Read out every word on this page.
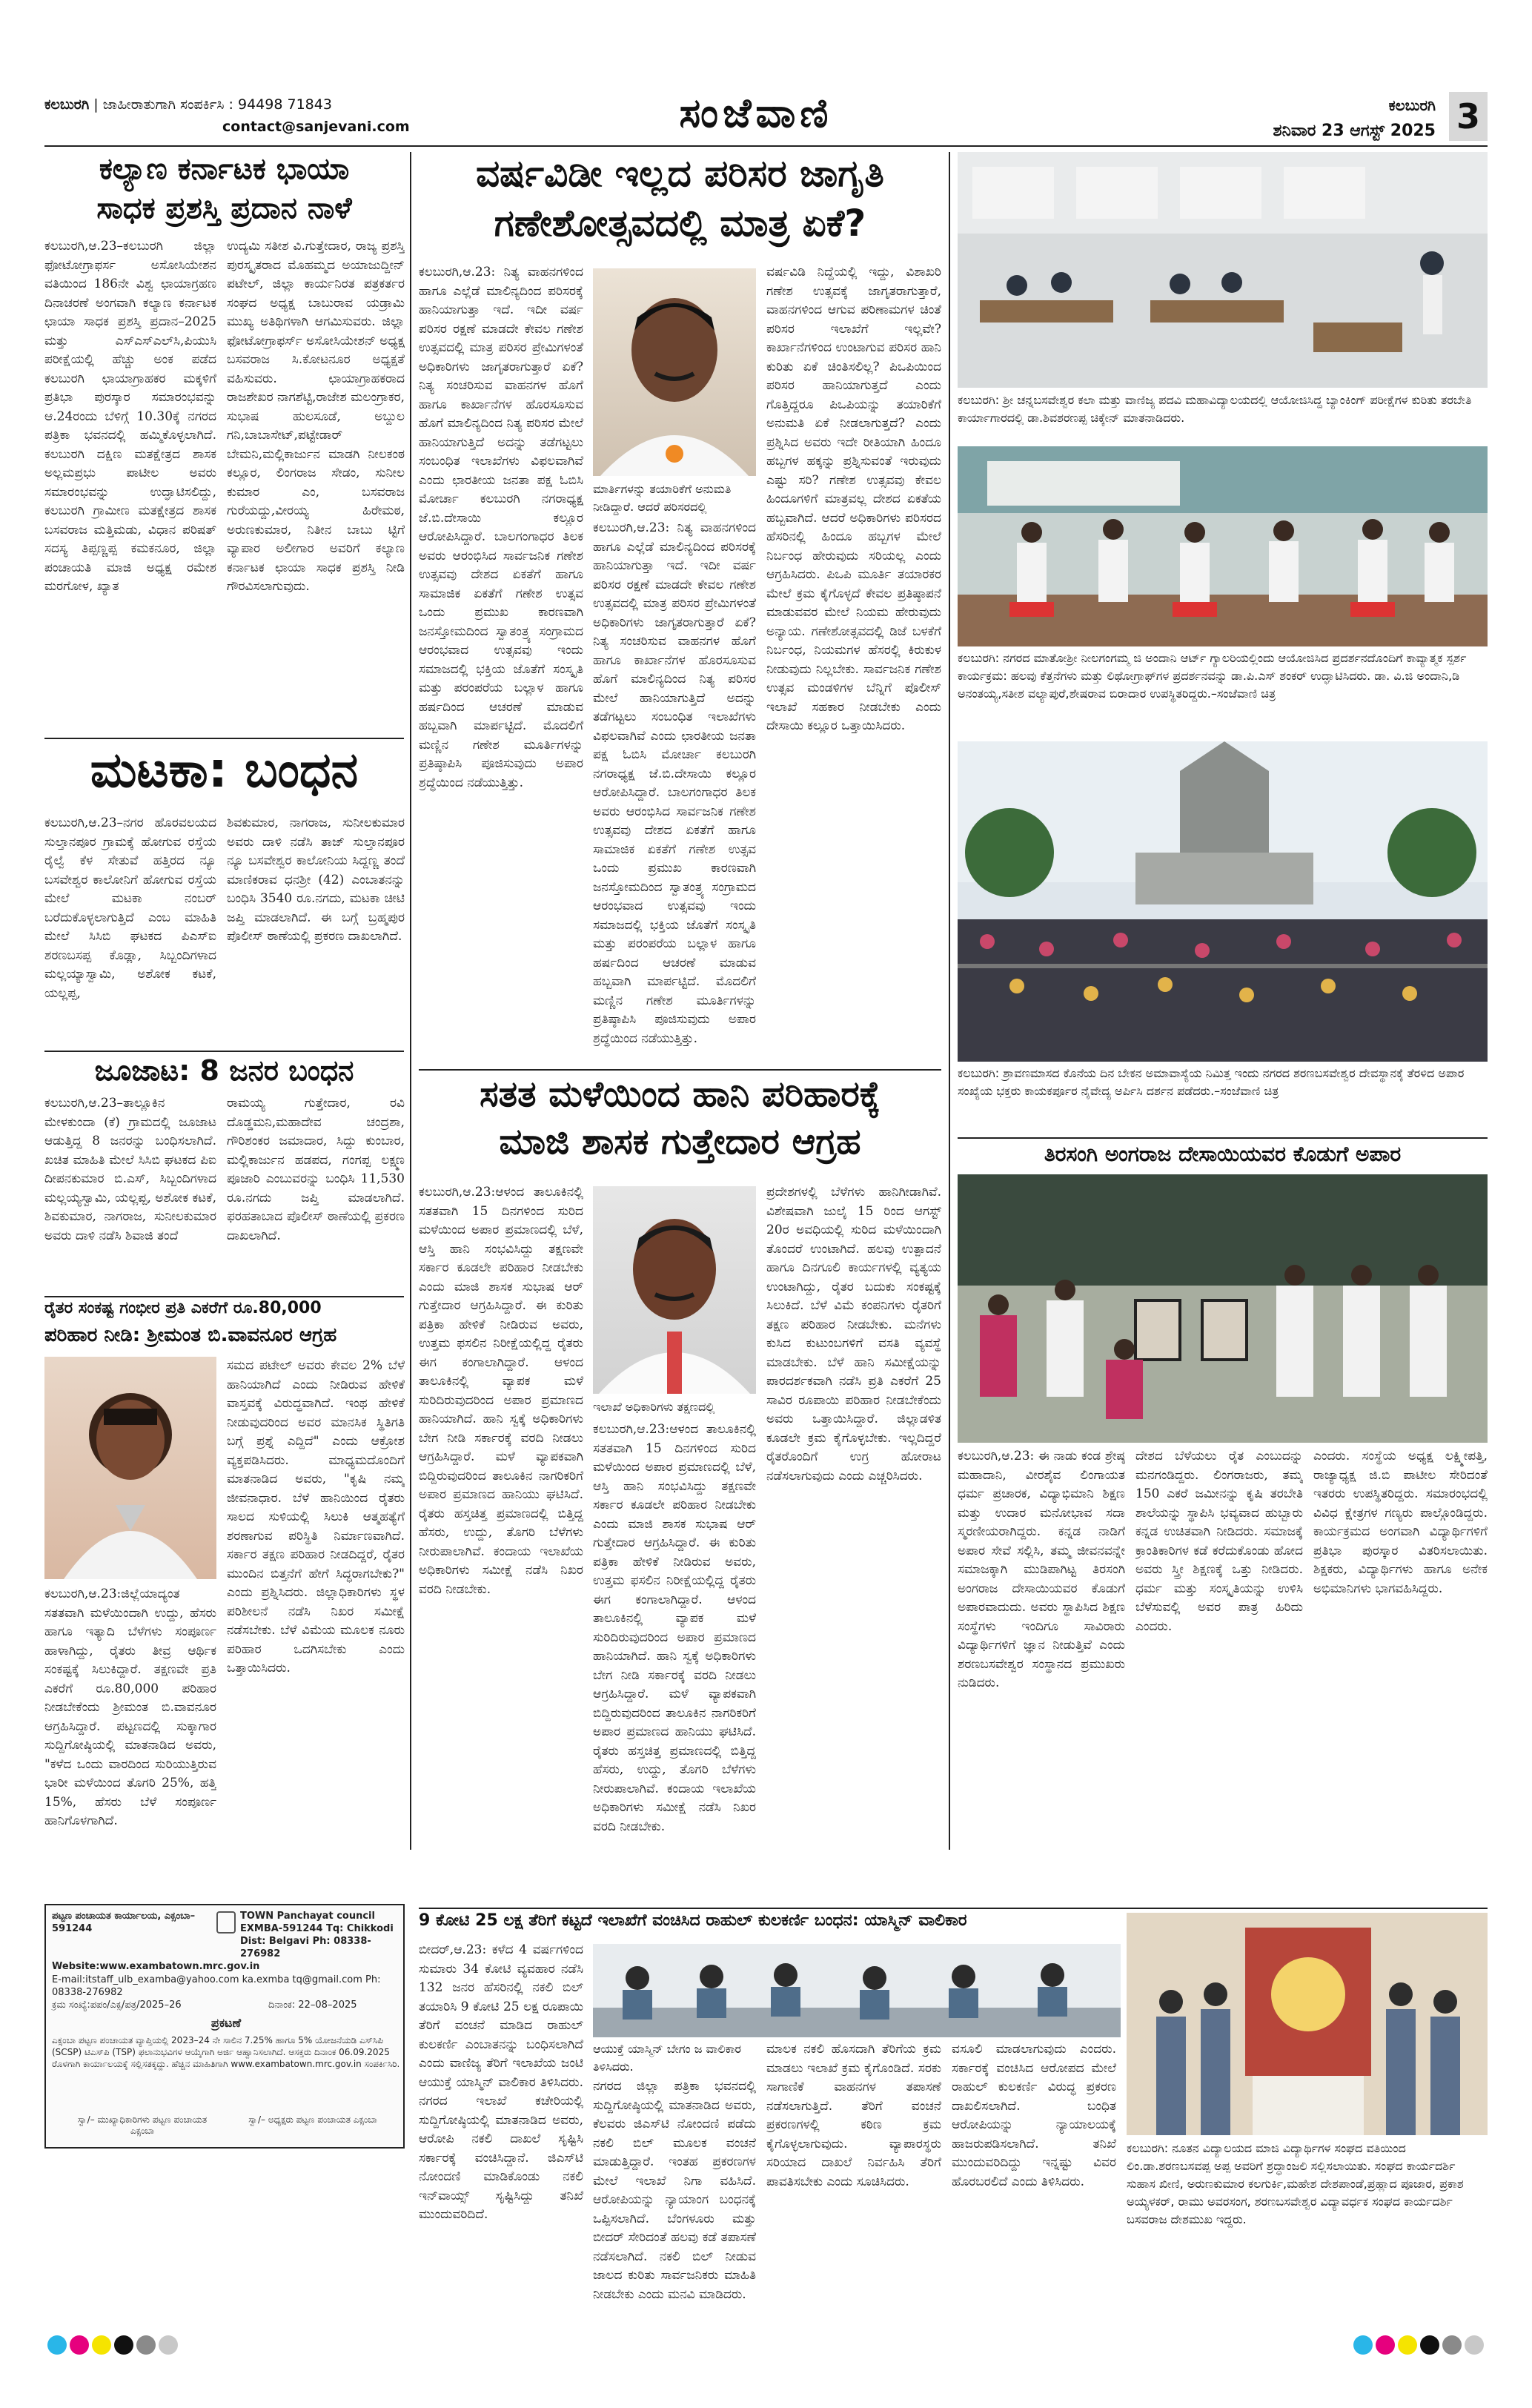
ಕಲಬುರಗಿ | ಜಾಹೀರಾತುಗಾಗಿ ಸಂಪರ್ಕಿಸಿ : 94498 71843
contact@sanjevani.com	ಸಂಜೆವಾಣಿ	ಕಲಬುರಗಿ
ಶನಿವಾರ 23 ಆಗಸ್ಟ್ 2025 3
ಕಲ್ಯಾಣ ಕರ್ನಾಟಕ ಭಾಯಾ
ಸಾಧಕ ಪ್ರಶಸ್ತಿ ಪ್ರದಾನ ನಾಳೆ
ಕಲಬುರಗಿ,ಆ.23–ಕಲಬುರಗಿ ಜಿಲ್ಲಾ ಫೋಟೋಗ್ರಾಫರ್ಸ ಅಸೋಸಿಯೇಶನ ವತಿಯಿಂದ 186ನೇ ವಿಶ್ವ ಛಾಯಾಗ್ರಹಣ ದಿನಾಚರಣೆ ಅಂಗವಾಗಿ ಕಲ್ಯಾಣ ಕರ್ನಾಟಕ ಛಾಯಾ ಸಾಧಕ ಪ್ರಶಸ್ತಿ ಪ್ರದಾನ–2025 ಮತ್ತು ಎಸ್‌ಎಸ್‌ಎಲ್‌ಸಿ,ಪಿಯುಸಿ ಪರೀಕ್ಷೆಯಲ್ಲಿ ಹೆಚ್ಚು ಅಂಕ ಪಡೆದ ಕಲಬುರಗಿ ಛಾಯಾಗ್ರಾಹಕರ ಮಕ್ಕಳಿಗೆ ಪ್ರತಿಭಾ ಪುರಸ್ಕಾರ ಸಮಾರಂಭವನ್ನು ಆ.24ರಂದು ಬೆಳಿಗ್ಗೆ 10.30ಕ್ಕೆ ನಗರದ ಪತ್ರಿಕಾ ಭವನದಲ್ಲಿ ಹಮ್ಮಿಕೊಳ್ಳಲಾಗಿದೆ. ಕಲಬುರಗಿ ದಕ್ಷಿಣ ಮತಕ್ಷೇತ್ರದ ಶಾಸಕ ಅಲ್ಲಮಪ್ರಭು ಪಾಟೀಲ ಅವರು ಸಮಾರಂಭವನ್ನು ಉದ್ಘಾಟಿಸಲಿದ್ದು, ಕಲಬುರಗಿ ಗ್ರಾಮೀಣ ಮತಕ್ಷೇತ್ರದ ಶಾಸಕ ಬಸವರಾಜ ಮತ್ತಿಮಡು, ವಿಧಾನ ಪರಿಷತ್ ಸದಸ್ಯ ತಿಪ್ಪಣ್ಣಪ್ಪ ಕಮಕನೂರ, ಜಿಲ್ಲಾ ಪಂಚಾಯತಿ ಮಾಜಿ ಅಧ್ಯಕ್ಷ ರಮೇಶ ಮರಗೋಳ, ಖ್ಯಾತ
ಉದ್ಯಮಿ ಸತೀಶ ವಿ.ಗುತ್ತೇದಾರ, ರಾಜ್ಯ ಪ್ರಶಸ್ತಿ ಪುರಸ್ಕೃತರಾದ ಮೊಹಮ್ಮದ ಅಯಾಜುದ್ದೀನ್ ಪಟೇಲ್, ಜಿಲ್ಲಾ ಕಾರ್ಯನಿರತ ಪತ್ರಕರ್ತರ ಸಂಘದ ಅಧ್ಯಕ್ಷ ಬಾಬುರಾವ ಯಡ್ರಾಮಿ ಮುಖ್ಯ ಅತಿಥಿಗಳಾಗಿ ಆಗಮಿಸುವರು. ಜಿಲ್ಲಾ ಫೋಟೋಗ್ರಾಫರ್ಸ್ ಅಸೋಸಿಯೇಶನ್ ಅಧ್ಯಕ್ಷ ಬಸವರಾಜ ಸಿ.ಕೋಟನೂರ ಅಧ್ಯಕ್ಷತೆ ವಹಿಸುವರು. ಛಾಯಾಗ್ರಾಹಕರಾದ ರಾಜಶೇಖರ ನಾಗಶೆಟ್ಟಿ,ರಾಜೇಶ ಮಲಂಗ್ರಾಕರ, ಸುಭಾಷ ಹುಲಸೂಡೆ, ಅಬ್ದುಲ ಗನಿ,ಬಾಬಾಸೇಟ್,ಪಟ್ಟೇಡಾರ್ ಬೇಮನಿ,ಮಲ್ಲಿಕಾರ್ಜುನ ಮಾಡಗಿ ನೀಲಕಂಠ ಕಲ್ಲೂರ, ಲಿಂಗರಾಜ ಸೇಡಂ, ಸುನೀಲ ಕುಮಾರ ಎಂ, ಬಸವರಾಜ ಗುರೆಯದ್ದು,ವೀರಯ್ಯ ಹಿರೇಮಠ, ಅರುಣಕುಮಾರ, ನಿತೀನ ಬಾಬು ಟ್ಟಿಗೆ ವ್ಯಾಪಾರ ಅಲೀಗಾರ ಅವರಿಗೆ ಕಲ್ಯಾಣ ಕರ್ನಾಟಕ ಛಾಯಾ ಸಾಧಕ ಪ್ರಶಸ್ತಿ ನೀಡಿ ಗೌರವಿಸಲಾಗುವುದು.
ಮಟಕಾ: ಬಂಧನ
ಕಲಬುರಗಿ,ಆ.23–ನಗರ ಹೊರವಲಯದ ಸುಲ್ತಾನಪೂರ ಗ್ರಾಮಕ್ಕೆ ಹೋಗುವ ರಸ್ತೆಯ ರೈಲ್ವೆ ಕೆಳ ಸೇತುವೆ ಹತ್ತಿರದ ನ್ಯೂ ಬಸವೇಶ್ವರ ಕಾಲೋನಿಗೆ ಹೋಗುವ ರಸ್ತೆಯ ಮೇಲೆ ಮಟಕಾ ನಂಬರ್ ಬರೆದುಕೊಳ್ಳಲಾಗುತ್ತಿದೆ ಎಂಬ ಮಾಹಿತಿ ಮೇಲೆ ಸಿಸಿಬಿ ಘಟಕದ ಪಿಎಸ್‌ಐ ಶರಣಬಸಪ್ಪ ಕೊಡ್ಲಾ, ಸಿಬ್ಬಂದಿಗಳಾದ ಮಲ್ಲಯ್ಯಾಸ್ವಾಮಿ, ಅಶೋಕ ಕಟಕೆ, ಯಲ್ಲಪ್ಪ,
ಶಿವಕುಮಾರ, ನಾಗರಾಜ, ಸುನೀಲಕುಮಾರ ಅವರು ದಾಳಿ ನಡೆಸಿ ತಾಜ್ ಸುಲ್ತಾನಪೂರ ನ್ಯೂ ಬಸವೇಶ್ವರ ಕಾಲೋನಿಯ ಸಿದ್ದಣ್ಣ ತಂದೆ ಮಾಣಿಕರಾವ ಧನಶ್ರೀ (42) ಎಂಬಾತನನ್ನು ಬಂಧಿಸಿ 3540 ರೂ.ನಗದು, ಮಟಕಾ ಚೀಟಿ ಜಪ್ತಿ ಮಾಡಲಾಗಿದೆ. ಈ ಬಗ್ಗೆ ಬ್ರಹ್ಮಪುರ ಪೊಲೀಸ್ ಠಾಣೆಯಲ್ಲಿ ಪ್ರಕರಣ ದಾಖಲಾಗಿದೆ.
ಜೂಜಾಟ: 8 ಜನರ ಬಂಧನ
ಕಲಬುರಗಿ,ಆ.23–ತಾಲ್ಲೂಕಿನ ಮೇಳಕುಂದಾ (ಕೆ) ಗ್ರಾಮದಲ್ಲಿ ಜೂಜಾಟ ಆಡುತ್ತಿದ್ದ 8 ಜನರನ್ನು ಬಂಧಿಸಲಾಗಿದೆ. ಖಚಿತ ಮಾಹಿತಿ ಮೇಲೆ ಸಿಸಿಬಿ ಘಟಕದ ಪಿಐ ದೀಪನಕುಮಾರ ಬಿ.ಎಸ್, ಸಿಬ್ಬಂದಿಗಳಾದ ಮಲ್ಲಯ್ಯಸ್ವಾಮಿ, ಯಲ್ಲಪ್ಪ, ಅಶೋಕ ಕಟಕೆ, ಶಿವಕುಮಾರ, ನಾಗರಾಜ, ಸುನೀಲಕುಮಾರ ಅವರು ದಾಳಿ ನಡೆಸಿ ಶಿವಾಜಿ ತಂದೆ
ರಾಮಯ್ಯ ಗುತ್ತೇದಾರ, ರವಿ ದೊಡ್ಡಮನಿ,ಮಹಾದೇವ ಚಂದ್ರಶಾ, ಗೌರಿಶಂಕರ ಜಮಾದಾರ, ಸಿದ್ದು ಕುಂಬಾರ, ಮಲ್ಲಿಕಾರ್ಜುನ ಹಡಪದ, ಗಂಗಪ್ಪ ಲಕ್ಷ್ಮಣ ಪೂಜಾರಿ ಎಂಬುವರನ್ನು ಬಂಧಿಸಿ 11,530 ರೂ.ನಗದು ಜಪ್ತಿ ಮಾಡಲಾಗಿದೆ. ಫರಹತಾಬಾದ ಪೊಲೀಸ್ ಠಾಣೆಯಲ್ಲಿ ಪ್ರಕರಣ ದಾಖಲಾಗಿದೆ.
ರೈತರ ಸಂಕಷ್ಟ ಗಂಭೀರ ಪ್ರತಿ ಎಕರೆಗೆ ರೂ.80,000
ಪರಿಹಾರ ನೀಡಿ: ಶ್ರೀಮಂತ ಬಿ.ವಾವನೂರ ಆಗ್ರಹ
ಕಲಬುರಗಿ,ಆ.23:ಜಿಲ್ಲೆಯಾದ್ಯಂತ ಸತತವಾಗಿ ಮಳೆಯಿಂದಾಗಿ ಉದ್ದು, ಹೆಸರು ಹಾಗೂ ಇತ್ಯಾದಿ ಬೆಳೆಗಳು ಸಂಪೂರ್ಣ ಹಾಳಾಗಿದ್ದು, ರೈತರು ತೀವ್ರ ಆರ್ಥಿಕ ಸಂಕಷ್ಟಕ್ಕೆ ಸಿಲುಕಿದ್ದಾರೆ. ತಕ್ಷಣವೇ ಪ್ರತಿ ಎಕರೆಗೆ ರೂ.80,000 ಪರಿಹಾರ ನೀಡಬೇಕೆಂದು ಶ್ರೀಮಂತ ಬಿ.ವಾವನೂರ ಆಗ್ರಹಿಸಿದ್ದಾರೆ. ಪಟ್ಟಣದಲ್ಲಿ ಸುಕ್ಕಾಗಾರ ಸುದ್ದಿಗೋಷ್ಠಿಯಲ್ಲಿ ಮಾತನಾಡಿದ ಅವರು, "ಕಳೆದ ಒಂದು ವಾರದಿಂದ ಸುರಿಯುತ್ತಿರುವ ಭಾರೀ ಮಳೆಯಿಂದ ತೊಗರಿ 25%, ಹತ್ತಿ 15%, ಹೆಸರು ಬೆಳೆ ಸಂಪೂರ್ಣ ಹಾನಿಗೊಳಗಾಗಿದೆ.
ಸಮದ ಪಟೇಲ್ ಅವರು ಕೇವಲ 2% ಬೆಳೆ ಹಾನಿಯಾಗಿದೆ ಎಂದು ನೀಡಿರುವ ಹೇಳಿಕೆ ವಾಸ್ತವಕ್ಕೆ ವಿರುದ್ಧವಾಗಿದೆ. ಇಂಥ ಹೇಳಿಕೆ ನೀಡುವುದರಿಂದ ಅವರ ಮಾನಸಿಕ ಸ್ಥಿತಿಗತಿ ಬಗ್ಗೆ ಪ್ರಶ್ನೆ ಎದ್ದಿದೆ" ಎಂದು ಆಕ್ರೋಶ ವ್ಯಕ್ತಪಡಿಸಿದರು. ಮಾಧ್ಯಮದೊಂದಿಗೆ ಮಾತನಾಡಿದ ಅವರು, "ಕೃಷಿ ನಮ್ಮ ಜೀವನಾಧಾರ. ಬೆಳೆ ಹಾನಿಯಿಂದ ರೈತರು ಸಾಲದ ಸುಳಿಯಲ್ಲಿ ಸಿಲುಕಿ ಆತ್ಮಹತ್ಯೆಗೆ ಶರಣಾಗುವ ಪರಿಸ್ಥಿತಿ ನಿರ್ಮಾಣವಾಗಿದೆ. ಸರ್ಕಾರ ತಕ್ಷಣ ಪರಿಹಾರ ನೀಡದಿದ್ದರೆ, ರೈತರ ಮುಂದಿನ ಬಿತ್ತನೆಗೆ ಹೇಗೆ ಸಿದ್ಧರಾಗಬೇಕು?" ಎಂದು ಪ್ರಶ್ನಿಸಿದರು. ಜಿಲ್ಲಾಧಿಕಾರಿಗಳು ಸ್ಥಳ ಪರಿಶೀಲನೆ ನಡೆಸಿ ನಿಖರ ಸಮೀಕ್ಷೆ ನಡೆಸಬೇಕು. ಬೆಳೆ ವಿಮೆಯ ಮೂಲಕ ನೂರು ಪರಿಹಾರ ಒದಗಿಸಬೇಕು ಎಂದು ಒತ್ತಾಯಿಸಿದರು.
ಪಟ್ಟಣ ಪಂಚಾಯತ ಕಾರ್ಯಾಲಯ, ಎಕ್ಸಂಬಾ–591244
TOWN Panchayat council EXMBA-591244 Tq: Chikkodi Dist: Belgavi Ph: 08338-276982
Website:www.exambatown.mrc.gov.in
E-mail:itstaff_ulb_examba@yahoo.com ka.exmba tq@gmail.com Ph: 08338-276982
ಕ್ರಮ ಸಂಖ್ಯೆ:ಪಪಂ/ಎಕ್ಸ/ಪತ್ರ/2025–26	ದಿನಾಂಕ: 22–08–2025
ಪ್ರಕಟಣೆ
ಎಕ್ಸಂಬಾ ಪಟ್ಟಣ ಪಂಚಾಯತ ವ್ಯಾಪ್ತಿಯಲ್ಲಿ 2023–24 ನೇ ಸಾಲಿನ 7.25% ಹಾಗೂ 5% ಯೋಜನೆಯಡಿ ಎಸ್‌ಸಿಪಿ (SCSP) ಟಿಎಸ್‌ಪಿ (TSP) ಫಲಾನುಭವಿಗಳ ಆಯ್ಕೆಗಾಗಿ ಅರ್ಜಿ ಆಹ್ವಾನಿಸಲಾಗಿದೆ. ಆಸಕ್ತರು ದಿನಾಂಕ 06.09.2025 ರೊಳಗಾಗಿ ಕಾರ್ಯಾಲಯಕ್ಕೆ ಸಲ್ಲಿಸತಕ್ಕದ್ದು. ಹೆಚ್ಚಿನ ಮಾಹಿತಿಗಾಗಿ www.exambatown.mrc.gov.in ಸಂಪರ್ಕಿಸಿರಿ.
ಸ್ವಾ/– ಮುಖ್ಯಾಧಿಕಾರಿಗಳು ಪಟ್ಟಣ ಪಂಚಾಯತ ಎಕ್ಸಂಬಾ
ಸ್ವಾ/– ಅಧ್ಯಕ್ಷರು ಪಟ್ಟಣ ಪಂಚಾಯತ ಎಕ್ಸಂಬಾ
ವರ್ಷವಿಡೀ ಇಲ್ಲದ ಪರಿಸರ ಜಾಗೃತಿ
ಗಣೇಶೋತ್ಸವದಲ್ಲಿ ಮಾತ್ರ ಏಕೆ?
ಕಲಬುರಗಿ,ಆ.23: ನಿತ್ಯ ವಾಹನಗಳಿಂದ ಹಾಗೂ ಎಲ್ಲೆಡೆ ಮಾಲಿನ್ಯದಿಂದ ಪರಿಸರಕ್ಕೆ ಹಾನಿಯಾಗುತ್ತಾ ಇದೆ. ಇದೀ ವರ್ಷ ಪರಿಸರ ರಕ್ಷಣೆ ಮಾಡದೇ ಕೇವಲ ಗಣೇಶ ಉತ್ಸವದಲ್ಲಿ ಮಾತ್ರ ಪರಿಸರ ಪ್ರೇಮಿಗಳಂತೆ ಅಧಿಕಾರಿಗಳು ಜಾಗೃತರಾಗುತ್ತಾರೆ ಏಕೆ? ನಿತ್ಯ ಸಂಚರಿಸುವ ವಾಹನಗಳ ಹೊಗೆ ಹಾಗೂ ಕಾರ್ಖಾನೆಗಳ ಹೊರಸೂಸುವ ಹೊಗೆ ಮಾಲಿನ್ಯದಿಂದ ನಿತ್ಯ ಪರಿಸರ ಮೇಲೆ ಹಾನಿಯಾಗುತ್ತಿದೆ ಅದನ್ನು ತಡೆಗಟ್ಟಲು ಸಂಬಂಧಿತ ಇಲಾಖೆಗಳು ವಿಫಲವಾಗಿವೆ ಎಂದು ಛಾರತೀಯ ಜನತಾ ಪಕ್ಷ ಓಬಿಸಿ ಮೋರ್ಚಾ ಕಲಬುರಗಿ ನಗರಾಧ್ಯಕ್ಷ ಜೆ.ಬಿ.ದೇಸಾಯಿ ಕಲ್ಲೂರ ಆರೋಪಿಸಿದ್ದಾರೆ. ಬಾಲಗಂಗಾಧರ ತಿಲಕ ಅವರು ಆರಂಭಿಸಿದ ಸಾರ್ವಜನಿಕ ಗಣೇಶ ಉತ್ಸವವು ದೇಶದ ಏಕತೆಗೆ ಹಾಗೂ ಸಾಮಾಜಿಕ ಏಕತೆಗೆ ಗಣೇಶ ಉತ್ಸವ ಒಂದು ಪ್ರಮುಖ ಕಾರಣವಾಗಿ ಜನಸ್ತೋಮದಿಂದ ಸ್ವಾತಂತ್ರ್ಯ ಸಂಗ್ರಾಮದ ಆರಂಭವಾದ ಉತ್ಸವವು ಇಂದು ಸಮಾಜದಲ್ಲಿ ಭಕ್ತಿಯ ಜೊತೆಗೆ ಸಂಸ್ಕೃತಿ ಮತ್ತು ಪರಂಪರೆಯ ಬಲ್ಲಾಳ ಹಾಗೂ ಹರ್ಷದಿಂದ ಆಚರಣೆ ಮಾಡುವ ಹಬ್ಬವಾಗಿ ಮಾರ್ಪಟ್ಟಿದೆ. ಮೊದಲಿಗೆ ಮಣ್ಣಿನ ಗಣೇಶ ಮೂರ್ತಿಗಳನ್ನು ಪ್ರತಿಷ್ಠಾಪಿಸಿ ಪೂಜಿಸುವುದು ಅಪಾರ ಶ್ರದ್ಧೆಯಿಂದ ನಡೆಯುತ್ತಿತ್ತು.
ಮಾರ್ತಿಗಳನ್ನು ತಯಾರಿಕೆಗೆ ಅನುಮತಿ ನೀಡಿದ್ದಾರೆ. ಆದರೆ ಪರಿಸರದಲ್ಲಿ
ಕಲಬುರಗಿ,ಆ.23: ನಿತ್ಯ ವಾಹನಗಳಿಂದ ಹಾಗೂ ಎಲ್ಲೆಡೆ ಮಾಲಿನ್ಯದಿಂದ ಪರಿಸರಕ್ಕೆ ಹಾನಿಯಾಗುತ್ತಾ ಇದೆ. ಇದೀ ವರ್ಷ ಪರಿಸರ ರಕ್ಷಣೆ ಮಾಡದೇ ಕೇವಲ ಗಣೇಶ ಉತ್ಸವದಲ್ಲಿ ಮಾತ್ರ ಪರಿಸರ ಪ್ರೇಮಿಗಳಂತೆ ಅಧಿಕಾರಿಗಳು ಜಾಗೃತರಾಗುತ್ತಾರೆ ಏಕೆ? ನಿತ್ಯ ಸಂಚರಿಸುವ ವಾಹನಗಳ ಹೊಗೆ ಹಾಗೂ ಕಾರ್ಖಾನೆಗಳ ಹೊರಸೂಸುವ ಹೊಗೆ ಮಾಲಿನ್ಯದಿಂದ ನಿತ್ಯ ಪರಿಸರ ಮೇಲೆ ಹಾನಿಯಾಗುತ್ತಿದೆ ಅದನ್ನು ತಡೆಗಟ್ಟಲು ಸಂಬಂಧಿತ ಇಲಾಖೆಗಳು ವಿಫಲವಾಗಿವೆ ಎಂದು ಛಾರತೀಯ ಜನತಾ ಪಕ್ಷ ಓಬಿಸಿ ಮೋರ್ಚಾ ಕಲಬುರಗಿ ನಗರಾಧ್ಯಕ್ಷ ಜೆ.ಬಿ.ದೇಸಾಯಿ ಕಲ್ಲೂರ ಆರೋಪಿಸಿದ್ದಾರೆ. ಬಾಲಗಂಗಾಧರ ತಿಲಕ ಅವರು ಆರಂಭಿಸಿದ ಸಾರ್ವಜನಿಕ ಗಣೇಶ ಉತ್ಸವವು ದೇಶದ ಏಕತೆಗೆ ಹಾಗೂ ಸಾಮಾಜಿಕ ಏಕತೆಗೆ ಗಣೇಶ ಉತ್ಸವ ಒಂದು ಪ್ರಮುಖ ಕಾರಣವಾಗಿ ಜನಸ್ತೋಮದಿಂದ ಸ್ವಾತಂತ್ರ್ಯ ಸಂಗ್ರಾಮದ ಆರಂಭವಾದ ಉತ್ಸವವು ಇಂದು ಸಮಾಜದಲ್ಲಿ ಭಕ್ತಿಯ ಜೊತೆಗೆ ಸಂಸ್ಕೃತಿ ಮತ್ತು ಪರಂಪರೆಯ ಬಲ್ಲಾಳ ಹಾಗೂ ಹರ್ಷದಿಂದ ಆಚರಣೆ ಮಾಡುವ ಹಬ್ಬವಾಗಿ ಮಾರ್ಪಟ್ಟಿದೆ. ಮೊದಲಿಗೆ ಮಣ್ಣಿನ ಗಣೇಶ ಮೂರ್ತಿಗಳನ್ನು ಪ್ರತಿಷ್ಠಾಪಿಸಿ ಪೂಜಿಸುವುದು ಅಪಾರ ಶ್ರದ್ಧೆಯಿಂದ ನಡೆಯುತ್ತಿತ್ತು.
ವರ್ಷವಿಡಿ ನಿದ್ದೆಯಲ್ಲಿ ಇದ್ದು, ವಿಶಾಖರಿ ಗಣೇಶ ಉತ್ಸವಕ್ಕೆ ಜಾಗೃತರಾಗುತ್ತಾರೆ, ವಾಹನಗಳಿಂದ ಆಗುವ ಪರಿಣಾಮಗಳ ಚಿಂತೆ ಪರಿಸರ ಇಲಾಖೆಗೆ ಇಲ್ಲವೇ? ಕಾರ್ಖಾನೆಗಳಿಂದ ಉಂಟಾಗುವ ಪರಿಸರ ಹಾನಿ ಕುರಿತು ಏಕೆ ಚಿಂತಿಸಲಿಲ್ಲ? ಪಿಒಪಿಯಿಂದ ಪರಿಸರ ಹಾನಿಯಾಗುತ್ತದೆ ಎಂದು ಗೊತ್ತಿದ್ದರೂ ಪಿಒಪಿಯನ್ನು ತಯಾರಿಕೆಗೆ ಅನುಮತಿ ಏಕೆ ನೀಡಲಾಗುತ್ತದೆ? ಎಂದು ಪ್ರಶ್ನಿಸಿದ ಅವರು ಇದೇ ರೀತಿಯಾಗಿ ಹಿಂದೂ ಹಬ್ಬಗಳ ಹಕ್ಕನ್ನು ಪ್ರಶ್ನಿಸುವಂತೆ ಇರುವುದು ಎಷ್ಟು ಸರಿ? ಗಣೇಶ ಉತ್ಸವವು ಕೇವಲ ಹಿಂದೂಗಳಿಗೆ ಮಾತ್ರವಲ್ಲ ದೇಶದ ಏಕತೆಯ ಹಬ್ಬವಾಗಿದೆ. ಆದರೆ ಅಧಿಕಾರಿಗಳು ಪರಿಸರದ ಹೆಸರಿನಲ್ಲಿ ಹಿಂದೂ ಹಬ್ಬಗಳ ಮೇಲೆ ನಿರ್ಬಂಧ ಹೇರುವುದು ಸರಿಯಲ್ಲ ಎಂದು ಆಗ್ರಹಿಸಿದರು. ಪಿಒಪಿ ಮೂರ್ತಿ ತಯಾರಕರ ಮೇಲೆ ಕ್ರಮ ಕೈಗೊಳ್ಳದೆ ಕೇವಲ ಪ್ರತಿಷ್ಠಾಪನೆ ಮಾಡುವವರ ಮೇಲೆ ನಿಯಮ ಹೇರುವುದು ಅನ್ಯಾಯ. ಗಣೇಶೋತ್ಸವದಲ್ಲಿ ಡಿಜೆ ಬಳಕೆಗೆ ನಿರ್ಬಂಧ, ನಿಯಮಗಳ ಹೆಸರಲ್ಲಿ ಕಿರುಕುಳ ನೀಡುವುದು ನಿಲ್ಲಬೇಕು. ಸಾರ್ವಜನಿಕ ಗಣೇಶ ಉತ್ಸವ ಮಂಡಳಿಗಳ ಬೆನ್ನಿಗೆ ಪೊಲೀಸ್ ಇಲಾಖೆ ಸಹಕಾರ ನೀಡಬೇಕು ಎಂದು ದೇಸಾಯಿ ಕಲ್ಲೂರ ಒತ್ತಾಯಿಸಿದರು.
ಸತತ ಮಳೆಯಿಂದ ಹಾನಿ ಪರಿಹಾರಕ್ಕೆ
ಮಾಜಿ ಶಾಸಕ ಗುತ್ತೇದಾರ ಆಗ್ರಹ
ಕಲಬುರಗಿ,ಆ.23:ಆಳಂದ ತಾಲೂಕಿನಲ್ಲಿ ಸತತವಾಗಿ 15 ದಿನಗಳಿಂದ ಸುರಿದ ಮಳೆಯಿಂದ ಅಪಾರ ಪ್ರಮಾಣದಲ್ಲಿ ಬೆಳೆ, ಆಸ್ತಿ ಹಾನಿ ಸಂಭವಿಸಿದ್ದು ತಕ್ಷಣವೇ ಸರ್ಕಾರ ಕೂಡಲೇ ಪರಿಹಾರ ನೀಡಬೇಕು ಎಂದು ಮಾಜಿ ಶಾಸಕ ಸುಭಾಷ ಆರ್ ಗುತ್ತೇದಾರ ಆಗ್ರಹಿಸಿದ್ದಾರೆ. ಈ ಕುರಿತು ಪತ್ರಿಕಾ ಹೇಳಿಕೆ ನೀಡಿರುವ ಅವರು, ಉತ್ತಮ ಫಸಲಿನ ನಿರೀಕ್ಷೆಯಲ್ಲಿದ್ದ ರೈತರು ಈಗ ಕಂಗಾಲಾಗಿದ್ದಾರೆ. ಆಳಂದ ತಾಲೂಕಿನಲ್ಲಿ ವ್ಯಾಪಕ ಮಳೆ ಸುರಿದಿರುವುದರಿಂದ ಅಪಾರ ಪ್ರಮಾಣದ ಹಾನಿಯಾಗಿದೆ. ಹಾನಿ ಸ್ವಕ್ಕೆ ಅಧಿಕಾರಿಗಳು ಬೇಗ ನೀಡಿ ಸರ್ಕಾರಕ್ಕೆ ವರದಿ ನೀಡಲು ಆಗ್ರಹಿಸಿದ್ದಾರೆ. ಮಳೆ ವ್ಯಾಪಕವಾಗಿ ಬಿದ್ದಿರುವುದರಿಂದ ತಾಲೂಕಿನ ನಾಗರಿಕರಿಗೆ ಅಪಾರ ಪ್ರಮಾಣದ ಹಾನಿಯು ಘಟಿಸಿದೆ. ರೈತರು ಹಸ್ತಚಿತ್ತ ಪ್ರಮಾಣದಲ್ಲಿ ಬಿತ್ತಿದ್ದ ಹೆಸರು, ಉದ್ದು, ತೊಗರಿ ಬೆಳೆಗಳು ನೀರುಪಾಲಾಗಿವೆ. ಕಂದಾಯ ಇಲಾಖೆಯ ಅಧಿಕಾರಿಗಳು ಸಮೀಕ್ಷೆ ನಡೆಸಿ ನಿಖರ ವರದಿ ನೀಡಬೇಕು.
ಇಲಾಖೆ ಅಧಿಕಾರಿಗಳು ತಕ್ಷಣದಲ್ಲಿ
ಕಲಬುರಗಿ,ಆ.23:ಆಳಂದ ತಾಲೂಕಿನಲ್ಲಿ ಸತತವಾಗಿ 15 ದಿನಗಳಿಂದ ಸುರಿದ ಮಳೆಯಿಂದ ಅಪಾರ ಪ್ರಮಾಣದಲ್ಲಿ ಬೆಳೆ, ಆಸ್ತಿ ಹಾನಿ ಸಂಭವಿಸಿದ್ದು ತಕ್ಷಣವೇ ಸರ್ಕಾರ ಕೂಡಲೇ ಪರಿಹಾರ ನೀಡಬೇಕು ಎಂದು ಮಾಜಿ ಶಾಸಕ ಸುಭಾಷ ಆರ್ ಗುತ್ತೇದಾರ ಆಗ್ರಹಿಸಿದ್ದಾರೆ. ಈ ಕುರಿತು ಪತ್ರಿಕಾ ಹೇಳಿಕೆ ನೀಡಿರುವ ಅವರು, ಉತ್ತಮ ಫಸಲಿನ ನಿರೀಕ್ಷೆಯಲ್ಲಿದ್ದ ರೈತರು ಈಗ ಕಂಗಾಲಾಗಿದ್ದಾರೆ. ಆಳಂದ ತಾಲೂಕಿನಲ್ಲಿ ವ್ಯಾಪಕ ಮಳೆ ಸುರಿದಿರುವುದರಿಂದ ಅಪಾರ ಪ್ರಮಾಣದ ಹಾನಿಯಾಗಿದೆ. ಹಾನಿ ಸ್ವಕ್ಕೆ ಅಧಿಕಾರಿಗಳು ಬೇಗ ನೀಡಿ ಸರ್ಕಾರಕ್ಕೆ ವರದಿ ನೀಡಲು ಆಗ್ರಹಿಸಿದ್ದಾರೆ. ಮಳೆ ವ್ಯಾಪಕವಾಗಿ ಬಿದ್ದಿರುವುದರಿಂದ ತಾಲೂಕಿನ ನಾಗರಿಕರಿಗೆ ಅಪಾರ ಪ್ರಮಾಣದ ಹಾನಿಯು ಘಟಿಸಿದೆ. ರೈತರು ಹಸ್ತಚಿತ್ತ ಪ್ರಮಾಣದಲ್ಲಿ ಬಿತ್ತಿದ್ದ ಹೆಸರು, ಉದ್ದು, ತೊಗರಿ ಬೆಳೆಗಳು ನೀರುಪಾಲಾಗಿವೆ. ಕಂದಾಯ ಇಲಾಖೆಯ ಅಧಿಕಾರಿಗಳು ಸಮೀಕ್ಷೆ ನಡೆಸಿ ನಿಖರ ವರದಿ ನೀಡಬೇಕು.
ಪ್ರದೇಶಗಳಲ್ಲಿ ಬೆಳೆಗಳು ಹಾನಿಗೀಡಾಗಿವೆ. ವಿಶೇಷವಾಗಿ ಜುಲೈ 15 ರಿಂದ ಆಗಸ್ಟ್ 20ರ ಅವಧಿಯಲ್ಲಿ ಸುರಿದ ಮಳೆಯಿಂದಾಗಿ ತೊಂದರೆ ಉಂಟಾಗಿದೆ. ಹಲವು ಉತ್ಪಾದನೆ ಹಾಗೂ ದಿನಗೂಲಿ ಕಾರ್ಯಗಳಲ್ಲಿ ವ್ಯತ್ಯಯ ಉಂಟಾಗಿದ್ದು, ರೈತರ ಬದುಕು ಸಂಕಷ್ಟಕ್ಕೆ ಸಿಲುಕಿದೆ. ಬೆಳೆ ವಿಮೆ ಕಂಪನಿಗಳು ರೈತರಿಗೆ ತಕ್ಷಣ ಪರಿಹಾರ ನೀಡಬೇಕು. ಮನೆಗಳು ಕುಸಿದ ಕುಟುಂಬಗಳಿಗೆ ವಸತಿ ವ್ಯವಸ್ಥೆ ಮಾಡಬೇಕು. ಬೆಳೆ ಹಾನಿ ಸಮೀಕ್ಷೆಯನ್ನು ಪಾರದರ್ಶಕವಾಗಿ ನಡೆಸಿ ಪ್ರತಿ ಎಕರೆಗೆ 25 ಸಾವಿರ ರೂಪಾಯಿ ಪರಿಹಾರ ನೀಡಬೇಕೆಂದು ಅವರು ಒತ್ತಾಯಿಸಿದ್ದಾರೆ. ಜಿಲ್ಲಾಡಳಿತ ಕೂಡಲೇ ಕ್ರಮ ಕೈಗೊಳ್ಳಬೇಕು. ಇಲ್ಲದಿದ್ದರೆ ರೈತರೊಂದಿಗೆ ಉಗ್ರ ಹೋರಾಟ ನಡೆಸಲಾಗುವುದು ಎಂದು ಎಚ್ಚರಿಸಿದರು.
9 ಕೋಟಿ 25 ಲಕ್ಷ ತೆರಿಗೆ ಕಟ್ಟದೆ ಇಲಾಖೆಗೆ ವಂಚಿಸಿದ ರಾಹುಲ್ ಕುಲಕರ್ಣಿ ಬಂಧನ: ಯಾಸ್ಮಿನ್ ವಾಲಿಕಾರ
ಬೀದರ್,ಆ.23: ಕಳೆದ 4 ವರ್ಷಗಳಿಂದ ಸುಮಾರು 34 ಕೋಟಿ ವ್ಯವಹಾರ ನಡೆಸಿ 132 ಜನರ ಹೆಸರಿನಲ್ಲಿ ನಕಲಿ ಬಿಲ್ ತಯಾರಿಸಿ 9 ಕೋಟಿ 25 ಲಕ್ಷ ರೂಪಾಯಿ ತೆರಿಗೆ ವಂಚನೆ ಮಾಡಿದ ರಾಹುಲ್ ಕುಲಕರ್ಣಿ ಎಂಬಾತನನ್ನು ಬಂಧಿಸಲಾಗಿದೆ ಎಂದು ವಾಣಿಜ್ಯ ತೆರಿಗೆ ಇಲಾಖೆಯ ಜಂಟಿ ಆಯುಕ್ತೆ ಯಾಸ್ಮಿನ್ ವಾಲಿಕಾರ ತಿಳಿಸಿದರು. ನಗರದ ಇಲಾಖೆ ಕಚೇರಿಯಲ್ಲಿ ಸುದ್ದಿಗೋಷ್ಠಿಯಲ್ಲಿ ಮಾತನಾಡಿದ ಅವರು, ಆರೋಪಿ ನಕಲಿ ದಾಖಲೆ ಸೃಷ್ಟಿಸಿ ಸರ್ಕಾರಕ್ಕೆ ವಂಚಿಸಿದ್ದಾನೆ. ಜಿಎಸ್‌ಟಿ ನೋಂದಣಿ ಮಾಡಿಕೊಂಡು ನಕಲಿ ಇನ್‌ವಾಯ್ಸ್ ಸೃಷ್ಟಿಸಿದ್ದು ತನಿಖೆ ಮುಂದುವರಿದಿದೆ.
ಆಯುಕ್ತೆ ಯಾಸ್ಮಿನ್ ಬೇಗಂ ಜ ವಾಲಿಕಾರ ತಿಳಿಸಿದರು.
ನಗರದ ಜಿಲ್ಲಾ ಪತ್ರಿಕಾ ಭವನದಲ್ಲಿ ಸುದ್ದಿಗೋಷ್ಠಿಯಲ್ಲಿ ಮಾತನಾಡಿದ ಅವರು, ಕೆಲವರು ಜಿಎಸ್‌ಟಿ ನೋಂದಣಿ ಪಡೆದು ನಕಲಿ ಬಿಲ್ ಮೂಲಕ ವಂಚನೆ ಮಾಡುತ್ತಿದ್ದಾರೆ. ಇಂತಹ ಪ್ರಕರಣಗಳ ಮೇಲೆ ಇಲಾಖೆ ನಿಗಾ ವಹಿಸಿದೆ. ಆರೋಪಿಯನ್ನು ನ್ಯಾಯಾಂಗ ಬಂಧನಕ್ಕೆ ಒಪ್ಪಿಸಲಾಗಿದೆ. ಬೆಂಗಳೂರು ಮತ್ತು ಬೀದರ್ ಸೇರಿದಂತೆ ಹಲವು ಕಡೆ ತಪಾಸಣೆ ನಡೆಸಲಾಗಿದೆ. ನಕಲಿ ಬಿಲ್ ನೀಡುವ ಜಾಲದ ಕುರಿತು ಸಾರ್ವಜನಿಕರು ಮಾಹಿತಿ ನೀಡಬೇಕು ಎಂದು ಮನವಿ ಮಾಡಿದರು.
ಮಾಲಕ ನಕಲಿ ಹೊಸದಾಗಿ ತೆರಿಗೆಯ ಕ್ರಮ ಮಾಡಲು ಇಲಾಖೆ ಕ್ರಮ ಕೈಗೊಂಡಿದೆ. ಸರಕು ಸಾಗಾಣಿಕೆ ವಾಹನಗಳ ತಪಾಸಣೆ ನಡೆಸಲಾಗುತ್ತಿದೆ. ತೆರಿಗೆ ವಂಚನೆ ಪ್ರಕರಣಗಳಲ್ಲಿ ಕಠಿಣ ಕ್ರಮ ಕೈಗೊಳ್ಳಲಾಗುವುದು. ವ್ಯಾಪಾರಸ್ಥರು ಸರಿಯಾದ ದಾಖಲೆ ನಿರ್ವಹಿಸಿ ತೆರಿಗೆ ಪಾವತಿಸಬೇಕು ಎಂದು ಸೂಚಿಸಿದರು.
ವಸೂಲಿ ಮಾಡಲಾಗುವುದು ಎಂದರು. ಸರ್ಕಾರಕ್ಕೆ ವಂಚಿಸಿದ ಆರೋಪದ ಮೇಲೆ ರಾಹುಲ್ ಕುಲಕರ್ಣಿ ವಿರುದ್ಧ ಪ್ರಕರಣ ದಾಖಲಿಸಲಾಗಿದೆ. ಬಂಧಿತ ಆರೋಪಿಯನ್ನು ನ್ಯಾಯಾಲಯಕ್ಕೆ ಹಾಜರುಪಡಿಸಲಾಗಿದೆ. ತನಿಖೆ ಮುಂದುವರಿದಿದ್ದು ಇನ್ನಷ್ಟು ವಿವರ ಹೊರಬರಲಿದೆ ಎಂದು ತಿಳಿಸಿದರು.
ಕಲಬುರಗಿ: ಶ್ರೀ ಚನ್ನಬಸವೇಶ್ವರ ಕಲಾ ಮತ್ತು ವಾಣಿಜ್ಯ ಪದವಿ ಮಹಾವಿದ್ಯಾಲಯದಲ್ಲಿ ಆಯೋಜಿಸಿದ್ದ ಬ್ಯಾಂಕಿಂಗ್ ಪರೀಕ್ಷೆಗಳ ಕುರಿತು ತರಬೇತಿ ಕಾರ್ಯಾಗಾರದಲ್ಲಿ ಡಾ.ಶಿವಶರಣಪ್ಪ ಚಿಕ್ಕೇನ್ ಮಾತನಾಡಿದರು.
ಕಲಬುರಗಿ: ನಗರದ ಮಾತೋಶ್ರೀ ನೀಲಗಂಗಮ್ಮ ಜಿ ಅಂದಾನಿ ಆರ್ಟ್ ಗ್ಯಾಲರಿಯಲ್ಲಿಂದು ಆಯೋಜಿಸಿದ ಪ್ರದರ್ಶನದೊಂದಿಗೆ ಕಾವ್ಯಾತ್ಮಕ ಸ್ಪರ್ಶ ಕಾರ್ಯಕ್ರಮ: ಹಲವು ಕೆತ್ತನೆಗಳು ಮತ್ತು ಲಿಥೋಗ್ರಾಫ್‌ಗಳ ಪ್ರದರ್ಶನವನ್ನು ಡಾ.ಪಿ.ಎಸ್ ಶಂಕರ್ ಉದ್ಘಾಟಿಸಿದರು. ಡಾ. ವಿ.ಜಿ ಅಂದಾನಿ,ಡಿ ಅನಂತಯ್ಯ,ಸತೀಶ ವಲ್ಯಾಪುರೆ,ಶೇಷರಾವ ಬಿರಾದಾರ ಉಪಸ್ಥಿತರಿದ್ದರು.–ಸಂಜೆವಾಣಿ ಚಿತ್ರ
ಕಲಬುರಗಿ: ಶ್ರಾವಣಮಾಸದ ಕೊನೆಯ ದಿನ ಬೇಕನ ಅಮಾವಾಸ್ಯೆಯ ನಿಮಿತ್ತ ಇಂದು ನಗರದ ಶರಣಬಸವೇಶ್ವರ ದೇವಸ್ಥಾನಕ್ಕೆ ತೆರಳಿದ ಅಪಾರ ಸಂಖ್ಯೆಯ ಭಕ್ತರು ಕಾಯಕರ್ಪೂರ ನೈವೇದ್ಯ ಅರ್ಪಿಸಿ ದರ್ಶನ ಪಡೆದರು.–ಸಂಜೆವಾಣಿ ಚಿತ್ರ
ತಿರಸಂಗಿ ಅಂಗರಾಜ ದೇಸಾಯಿಯವರ ಕೊಡುಗೆ ಅಪಾರ
ಕಲಬುರಗಿ,ಆ.23: ಈ ನಾಡು ಕಂಡ ಶ್ರೇಷ್ಠ ಮಹಾದಾನಿ, ವೀರಶೈವ ಲಿಂಗಾಯತ ಧರ್ಮ ಪ್ರಚಾರಕ, ವಿದ್ಯಾಭಿಮಾನಿ ಶಿಕ್ಷಣ ಮತ್ತು ಉದಾರ ಮನೋಭಾವ ಸದಾ ಸ್ಮರಣೀಯರಾಗಿದ್ದರು. ಕನ್ನಡ ನಾಡಿಗೆ ಅಪಾರ ಸೇವೆ ಸಲ್ಲಿಸಿ, ತಮ್ಮ ಜೀವನವನ್ನೇ ಸಮಾಜಕ್ಕಾಗಿ ಮುಡಿಪಾಗಿಟ್ಟ ತಿರಸಂಗಿ ಅಂಗರಾಜ ದೇಸಾಯಿಯವರ ಕೊಡುಗೆ ಅಪಾರವಾದುದು. ಅವರು ಸ್ಥಾಪಿಸಿದ ಶಿಕ್ಷಣ ಸಂಸ್ಥೆಗಳು ಇಂದಿಗೂ ಸಾವಿರಾರು ವಿದ್ಯಾರ್ಥಿಗಳಿಗೆ ಜ್ಞಾನ ನೀಡುತ್ತಿವೆ ಎಂದು ಶರಣಬಸವೇಶ್ವರ ಸಂಸ್ಥಾನದ ಪ್ರಮುಖರು ನುಡಿದರು.
ದೇಶದ ಬೆಳೆಯಲು ರೈತ ಎಂಬುದನ್ನು ಮನಗಂಡಿದ್ದರು. ಲಿಂಗರಾಜರು, ತಮ್ಮ 150 ಎಕರೆ ಜಮೀನನ್ನು ಕೃಷಿ ತರಬೇತಿ ಶಾಲೆಯನ್ನು ಸ್ಥಾಪಿಸಿ ಭವ್ಯವಾದ ಹುಬ್ಬಾರು ಕನ್ನಡ ಉಚಿತವಾಗಿ ನೀಡಿದರು. ಸಮಾಜಕ್ಕೆ ಕ್ರಾಂತಿಕಾರಿಗಳ ಕಡೆ ಕರೆದುಕೊಂಡು ಹೋದ ಅವರು ಸ್ತ್ರೀ ಶಿಕ್ಷಣಕ್ಕೆ ಒತ್ತು ನೀಡಿದರು. ಧರ್ಮ ಮತ್ತು ಸಂಸ್ಕೃತಿಯನ್ನು ಉಳಿಸಿ ಬೆಳೆಸುವಲ್ಲಿ ಅವರ ಪಾತ್ರ ಹಿರಿದು ಎಂದರು.
ಎಂದರು. ಸಂಸ್ಥೆಯ ಅಧ್ಯಕ್ಷ ಲಕ್ಷ್ಮೀಪತ್ತಿ, ರಾಜ್ಯಾಧ್ಯಕ್ಷ ಜಿ.ಬಿ ಪಾಟೀಲ ಸೇರಿದಂತೆ ಇತರರು ಉಪಸ್ಥಿತರಿದ್ದರು. ಸಮಾರಂಭದಲ್ಲಿ ವಿವಿಧ ಕ್ಷೇತ್ರಗಳ ಗಣ್ಯರು ಪಾಲ್ಗೊಂಡಿದ್ದರು. ಕಾರ್ಯಕ್ರಮದ ಅಂಗವಾಗಿ ವಿದ್ಯಾರ್ಥಿಗಳಿಗೆ ಪ್ರತಿಭಾ ಪುರಸ್ಕಾರ ವಿತರಿಸಲಾಯಿತು. ಶಿಕ್ಷಕರು, ವಿದ್ಯಾರ್ಥಿಗಳು ಹಾಗೂ ಅನೇಕ ಅಭಿಮಾನಿಗಳು ಭಾಗವಹಿಸಿದ್ದರು.
ಕಲಬುರಗಿ: ನೂತನ ವಿದ್ಯಾಲಯದ ಮಾಜಿ ವಿದ್ಯಾರ್ಥಿಗಳ ಸಂಘದ ವತಿಯಿಂದ ಲಿಂ.ಡಾ.ಶರಣಬಸವಪ್ಪ ಅಪ್ಪ ಅವರಿಗೆ ಶ್ರದ್ಧಾಂಜಲಿ ಸಲ್ಲಿಸಲಾಯಿತು. ಸಂಘದ ಕಾರ್ಯದರ್ಶಿ ಸುಹಾಸ ಖೀಣಿ, ಅರುಣಕುಮಾರ ಕಲಗುರ್ಕಿ,ಮಹೇಶ ದೇಶಪಾಂಡೆ,ಪ್ರಹ್ಲಾದ ಪೂಜಾರ, ಪ್ರಕಾಶ ಅಯ್ಯಳಕರ್, ರಾಮು ಅವರಸಂಗ, ಶರಣಬಸವೇಶ್ವರ ವಿದ್ಯಾವರ್ಧಕ ಸಂಘದ ಕಾರ್ಯದರ್ಶಿ ಬಸವರಾಜ ದೇಶಮುಖ ಇದ್ದರು.
